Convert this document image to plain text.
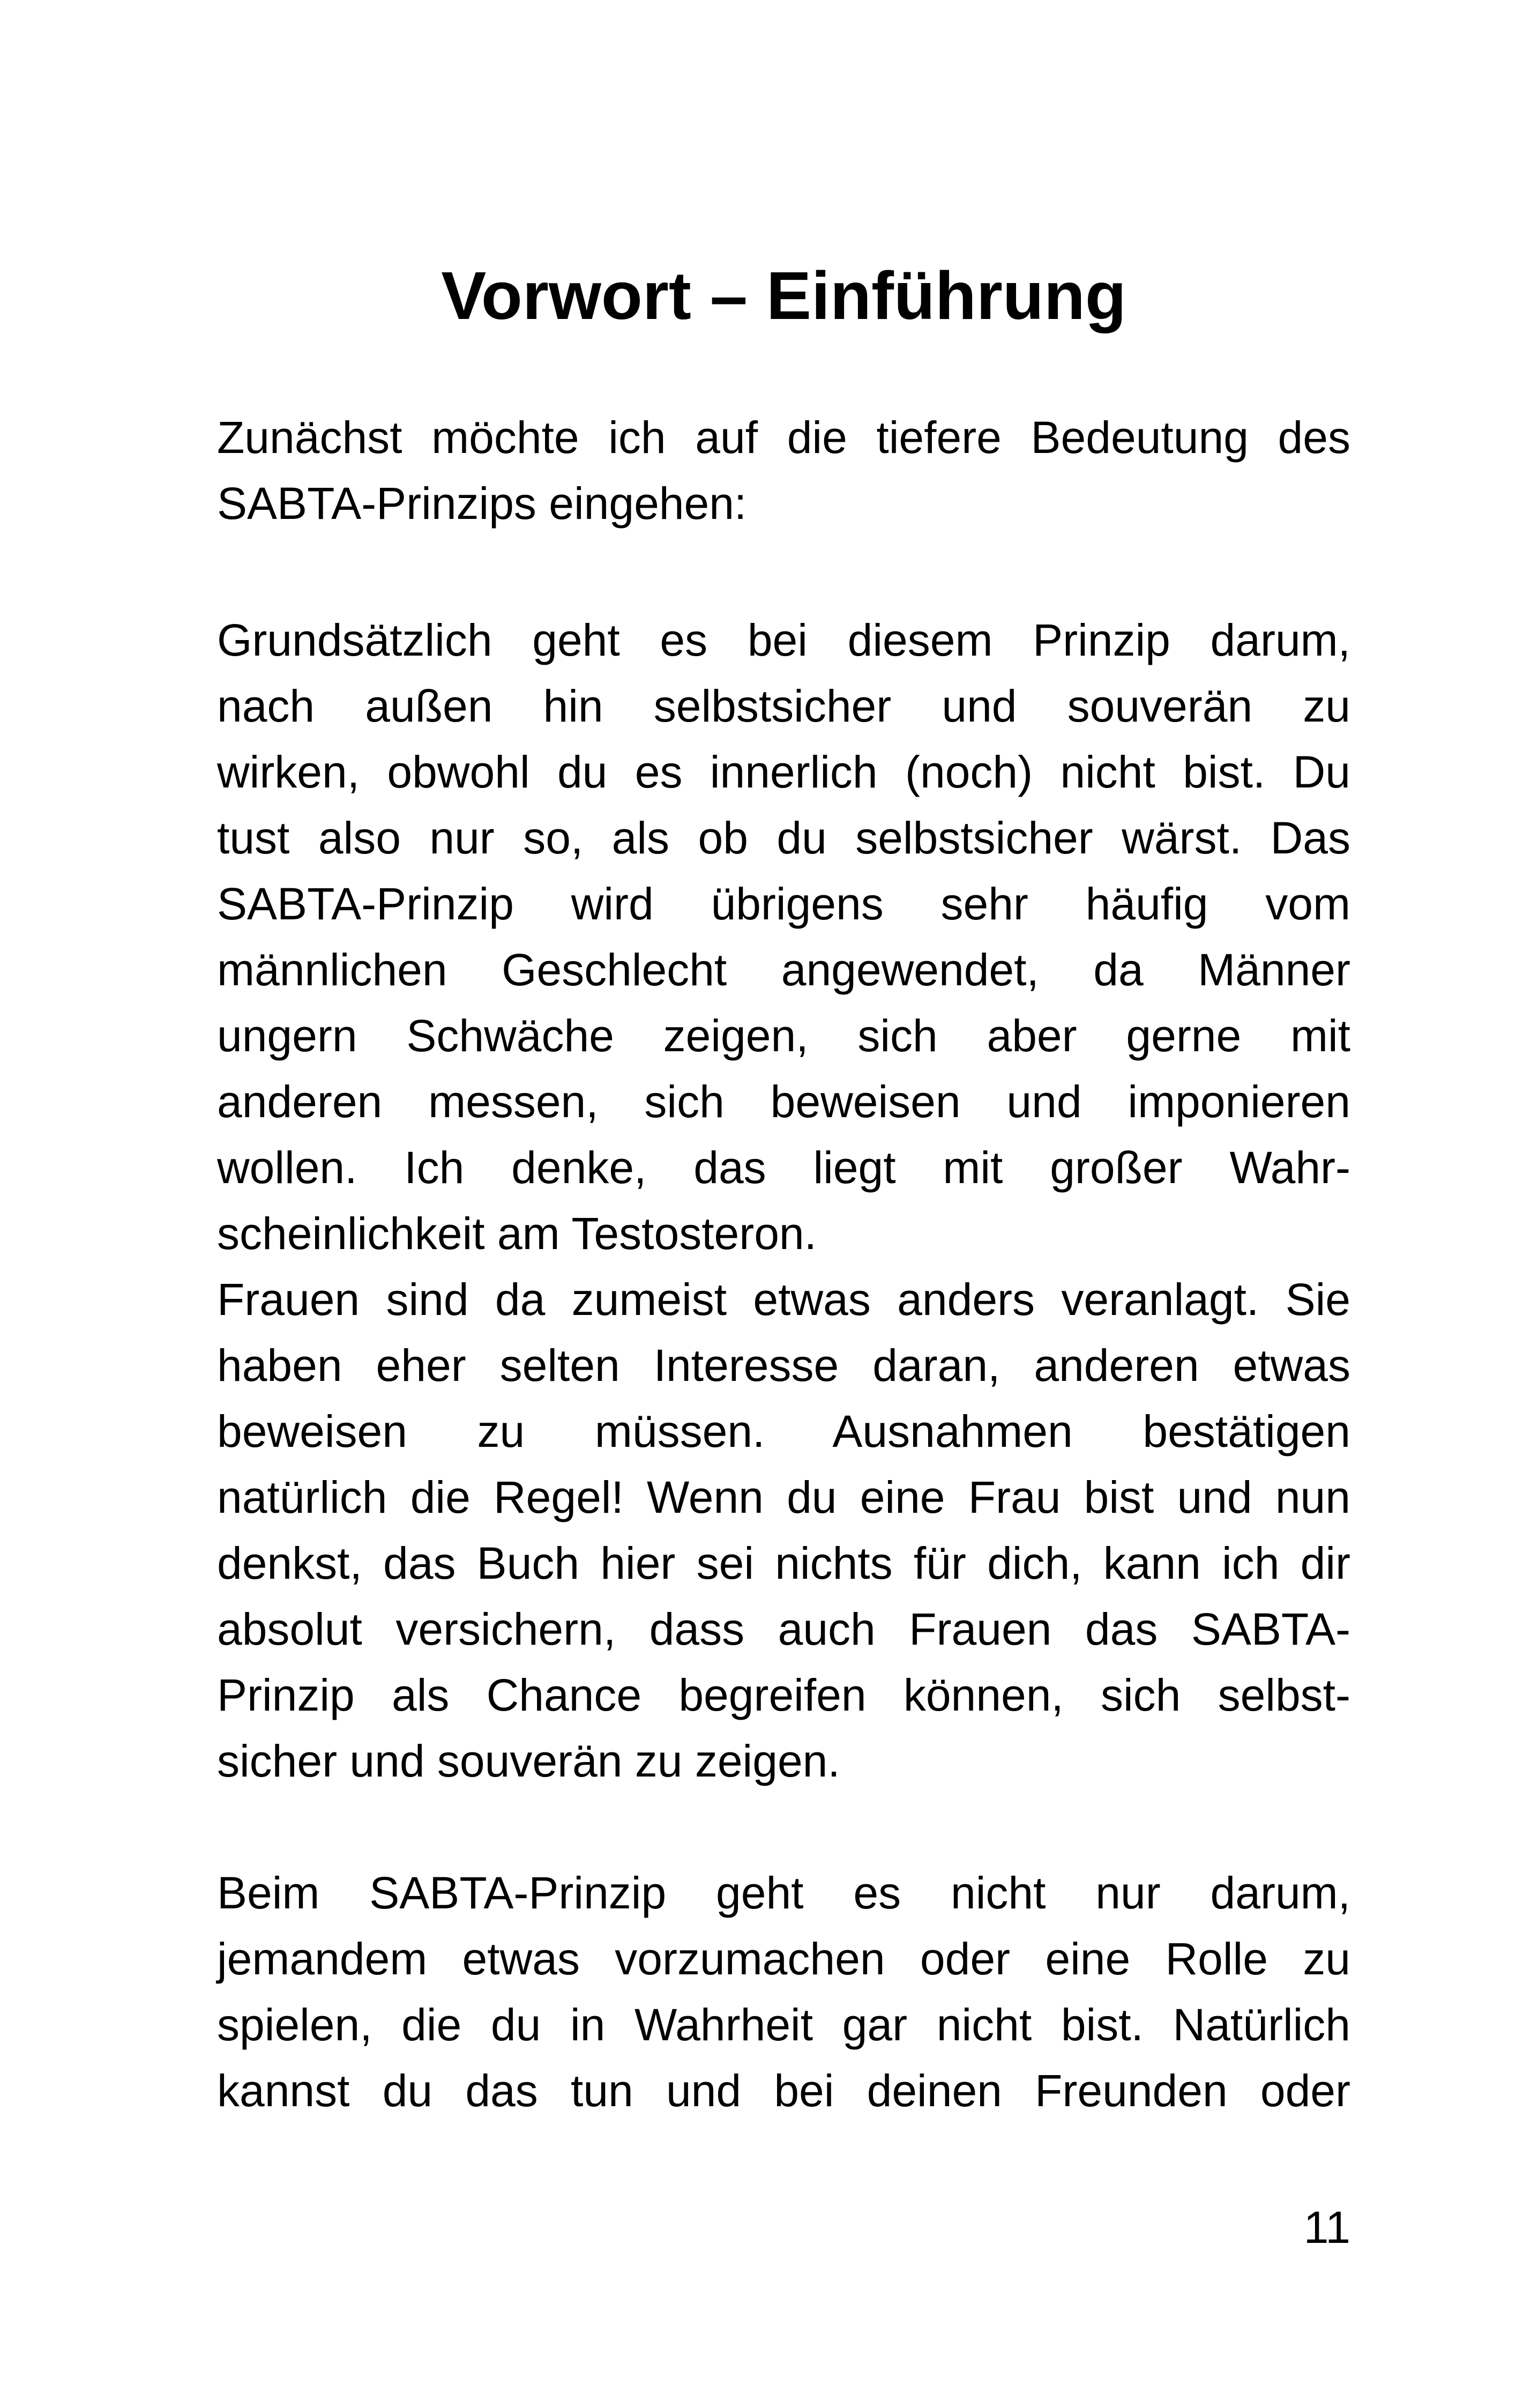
Vorwort – Einführung
Zunächst möchte ich auf die tiefere Bedeutung des
SABTA-Prinzips eingehen:
Grundsätzlich geht es bei diesem Prinzip darum,
nach außen hin selbstsicher und souverän zu
wirken, obwohl du es innerlich (noch) nicht bist. Du
tust also nur so, als ob du selbstsicher wärst. Das
SABTA-Prinzip wird übrigens sehr häufig vom
männlichen Geschlecht angewendet, da Männer
ungern Schwäche zeigen, sich aber gerne mit
anderen messen, sich beweisen und imponieren
wollen. Ich denke, das liegt mit großer Wahr-
scheinlichkeit am Testosteron.
Frauen sind da zumeist etwas anders veranlagt. Sie
haben eher selten Interesse daran, anderen etwas
beweisen zu müssen. Ausnahmen bestätigen
natürlich die Regel! Wenn du eine Frau bist und nun
denkst, das Buch hier sei nichts für dich, kann ich dir
absolut versichern, dass auch Frauen das SABTA-
Prinzip als Chance begreifen können, sich selbst-
sicher und souverän zu zeigen.
Beim SABTA-Prinzip geht es nicht nur darum,
jemandem etwas vorzumachen oder eine Rolle zu
spielen, die du in Wahrheit gar nicht bist. Natürlich
kannst du das tun und bei deinen Freunden oder
11
